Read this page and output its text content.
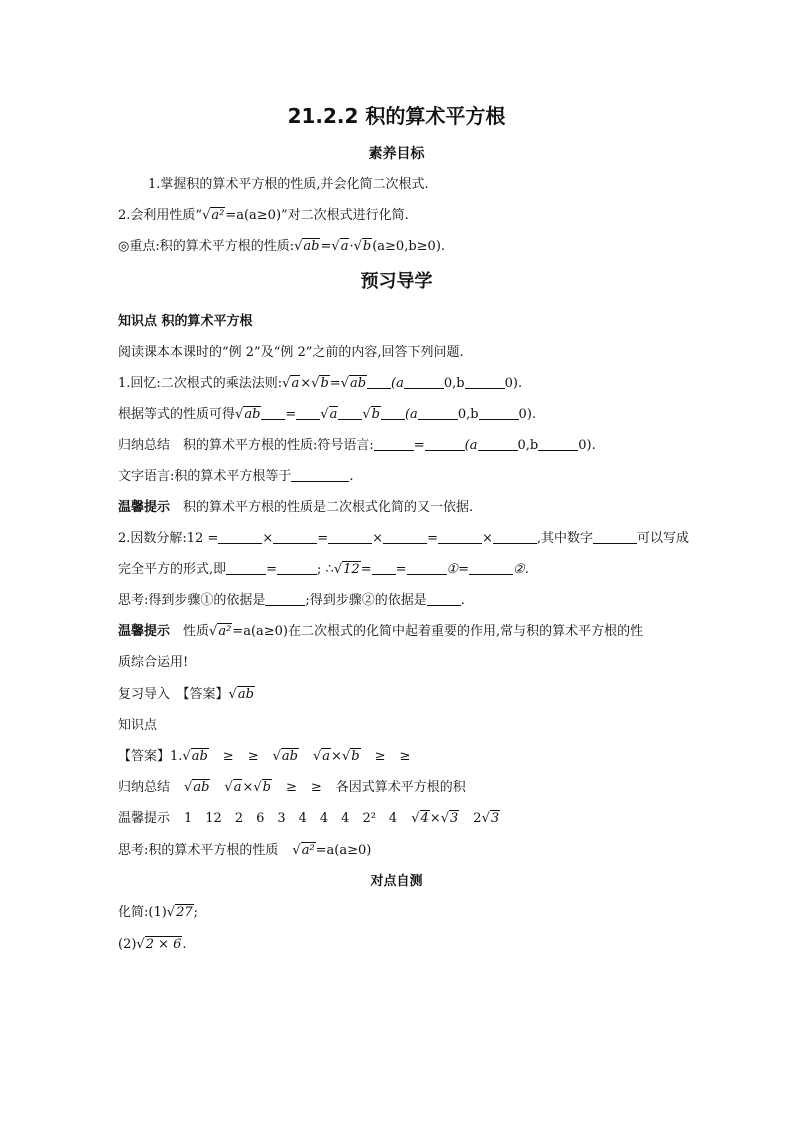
21.2.2 积的算术平方根
素养目标
1.掌握积的算术平方根的性质,并会化简二次根式.
2.会利用性质“√a²=a(a≥0)”对二次根式进行化简.
◎重点:积的算术平方根的性质:√ab=√a·√b(a≥0,b≥0).
预习导学
知识点 积的算术平方根
阅读课本本课时的“例 2”及“例 2”之前的内容,回答下列问题.
1.回忆:二次根式的乘法法则:√a×√b=√ab (a	0,b	0).
根据等式的性质可得√ab = √a √b (a	0,b	0).
归纳总结　积的算术平方根的性质:符号语言:	=	(a	0,b	0).
文字语言:积的算术平方根等于	.
温馨提示　积的算术平方根的性质是二次根式化简的又一依据.
2.因数分解:12 =	×	=	×	=	×	,其中数字	可以写成
完全平方的形式,即	=	; ∴√12= =	①=	②.
思考:得到步骤①的依据是	;得到步骤②的依据是	.
温馨提示　性质√a²=a(a≥0)在二次根式的化简中起着重要的作用,常与积的算术平方根的性
质综合运用!
复习导入　【答案】√ab
知识点
【答案】1.√ab ≥ ≥ √ab √a×√b ≥ ≥
归纳总结 √ab √a×√b ≥ ≥ 各因式算术平方根的积
温馨提示 1　12　2　6　3　4　4　4　2²　4 √4×√3 2√3
思考:积的算术平方根的性质 √a²=a(a≥0)
对点自测
化简:(1)√27;
(2)√2 × 6.
